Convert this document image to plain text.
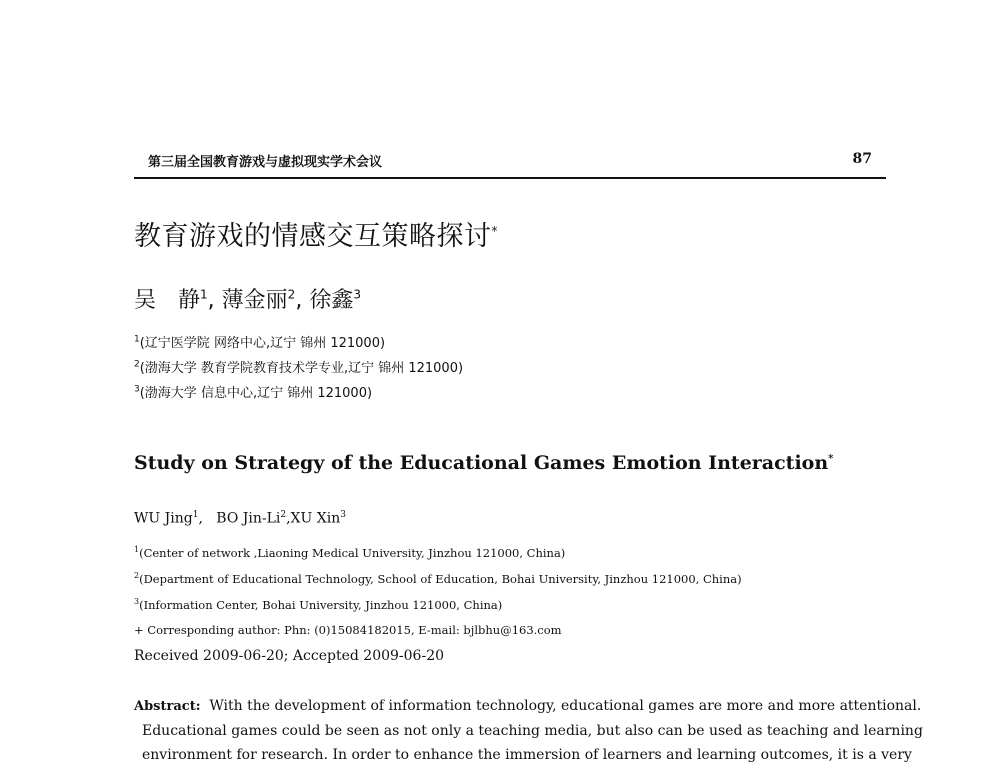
第三届全国教育游戏与虚拟现实学术会议	87
教育游戏的情感交互策略探讨*
吴　静$^1$, 薄金丽$^2$, 徐鑫$^3$
$^1$(辽宁医学院 网络中心,辽宁 锦州 121000)
$^2$(渤海大学 教育学院教育技术学专业,辽宁 锦州 121000)
$^3$(渤海大学 信息中心,辽宁 锦州 121000)
Study on Strategy of the Educational Games Emotion Interaction*
WU Jing$^1$,   BO Jin-Li$^2$,XU Xin$^3$
$^1$(Center of network ,Liaoning Medical University, Jinzhou 121000, China)
$^2$(Department of Educational Technology, School of Education, Bohai University, Jinzhou 121000, China)
$^3$(Information Center, Bohai University, Jinzhou 121000, China)
+ Corresponding author: Phn: (0)15084182015, E-mail: bjlbhu@163.com
Received 2009-06-20; Accepted 2009-06-20
Abstract: With the development of information technology, educational games are more and more attentional.
Educational games could be seen as not only a teaching media, but also can be used as teaching and learning
environment for research. In order to enhance the immersion of learners and learning outcomes, it is a very
